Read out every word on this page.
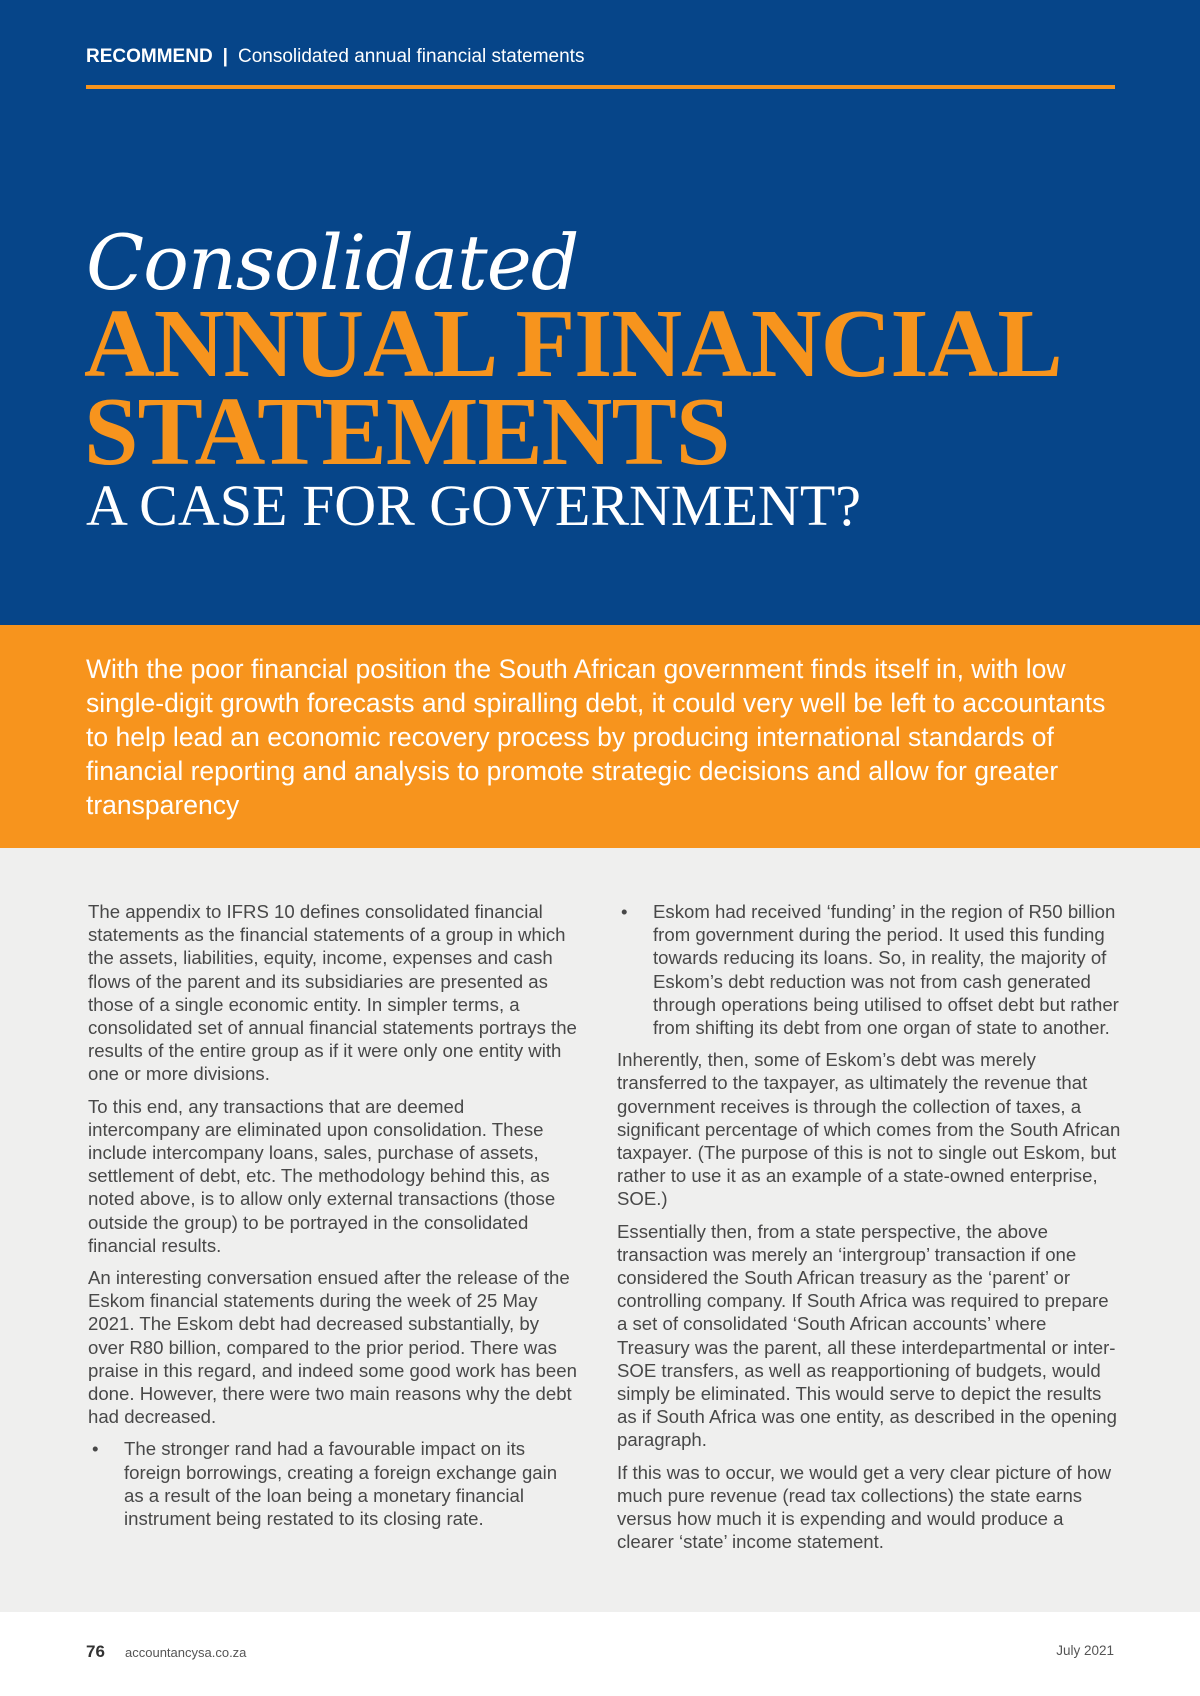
RECOMMEND | Consolidated annual financial statements
Consolidated
ANNUAL FINANCIAL
STATEMENTS
A CASE FOR GOVERNMENT?

With the poor financial position the South African government finds itself in, with low single-digit growth forecasts and spiralling debt, it could very well be left to accountants to help lead an economic recovery process by producing international standards of financial reporting and analysis to promote strategic decisions and allow for greater transparency

The appendix to IFRS 10 defines consolidated financial statements as the financial statements of a group in which the assets, liabilities, equity, income, expenses and cash flows of the parent and its subsidiaries are presented as those of a single economic entity. In simpler terms, a consolidated set of annual financial statements portrays the results of the entire group as if it were only one entity with one or more divisions.

To this end, any transactions that are deemed intercompany are eliminated upon consolidation. These include intercompany loans, sales, purchase of assets, settlement of debt, etc. The methodology behind this, as noted above, is to allow only external transactions (those outside the group) to be portrayed in the consolidated financial results.

An interesting conversation ensued after the release of the Eskom financial statements during the week of 25 May 2021. The Eskom debt had decreased substantially, by over R80 billion, compared to the prior period. There was praise in this regard, and indeed some good work has been done. However, there were two main reasons why the debt had decreased.

• The stronger rand had a favourable impact on its foreign borrowings, creating a foreign exchange gain as a result of the loan being a monetary financial instrument being restated to its closing rate.
• Eskom had received ‘funding’ in the region of R50 billion from government during the period. It used this funding towards reducing its loans. So, in reality, the majority of Eskom’s debt reduction was not from cash generated through operations being utilised to offset debt but rather from shifting its debt from one organ of state to another.

Inherently, then, some of Eskom’s debt was merely transferred to the taxpayer, as ultimately the revenue that government receives is through the collection of taxes, a significant percentage of which comes from the South African taxpayer. (The purpose of this is not to single out Eskom, but rather to use it as an example of a state-owned enterprise, SOE.)

Essentially then, from a state perspective, the above transaction was merely an ‘intergroup’ transaction if one considered the South African treasury as the ‘parent’ or controlling company. If South Africa was required to prepare a set of consolidated ‘South African accounts’ where Treasury was the parent, all these interdepartmental or inter-SOE transfers, as well as reapportioning of budgets, would simply be eliminated. This would serve to depict the results as if South Africa was one entity, as described in the opening paragraph.

If this was to occur, we would get a very clear picture of how much pure revenue (read tax collections) the state earns versus how much it is expending and would produce a clearer ‘state’ income statement.

76 accountancysa.co.za	July 2021
